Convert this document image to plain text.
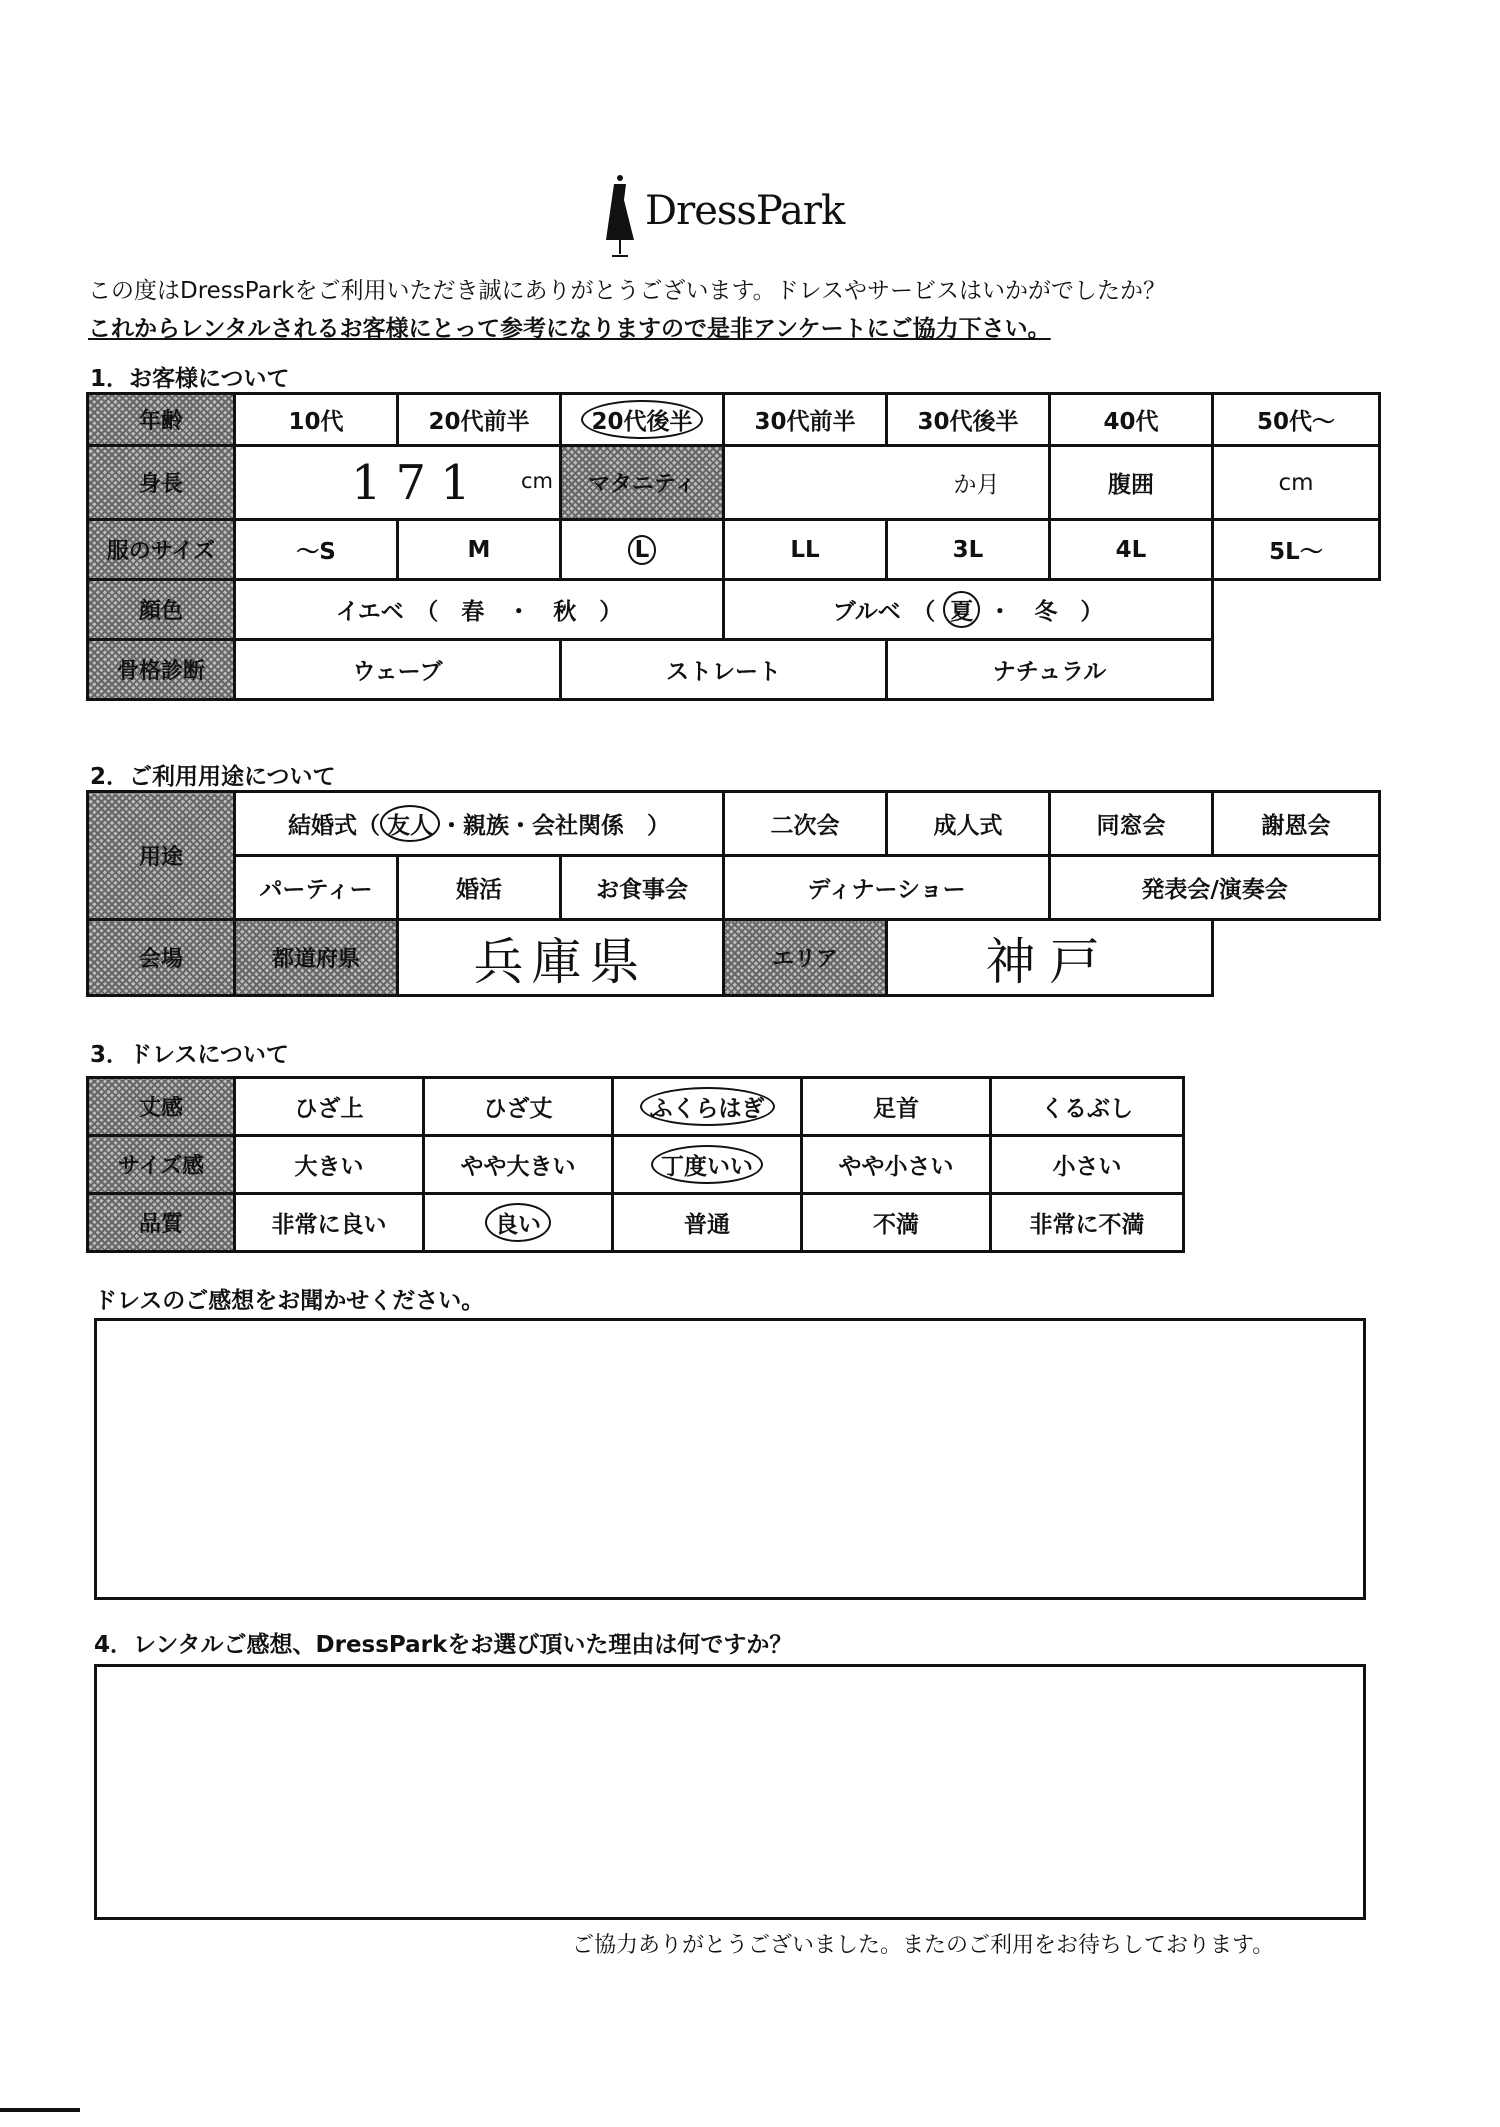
DressPark
この度はDressParkをご利用いただき誠にありがとうございます。ドレスやサービスはいかがでしたか？
これからレンタルされるお客様にとって参考になりますので是非アンケートにご協力下さい。
1．お客様について
年齢	10代	20代前半	20代後半	30代前半	30代後半	40代	50代～
身長	171 cm		マタニティ	か月		腹囲	cm
服のサイズ	～S	M	L	LL	3L	4L	5L～
顔色	イエベ　（　春　・　秋　）			ブルベ　（ 夏 ・　冬　）			
骨格診断	ウェーブ		ストレート		ナチュラル		
2．ご利用用途について
用途	結婚式（ 友人 ・親族・会社関係　）			二次会	成人式	同窓会	謝恩会
	パーティー	婚活	お食事会	ディナーショー		発表会/演奏会	
会場	都道府県	兵庫県		エリア	神戸		
3．ドレスについて
丈感	ひざ上	ひざ丈	ふくらはぎ	足首	くるぶし
サイズ感	大きい	やや大きい	丁度いい	やや小さい	小さい
品質	非常に良い	良い	普通	不満	非常に不満
ドレスのご感想をお聞かせください。
4．レンタルご感想、DressParkをお選び頂いた理由は何ですか？
ご協力ありがとうございました。またのご利用をお待ちしております。
